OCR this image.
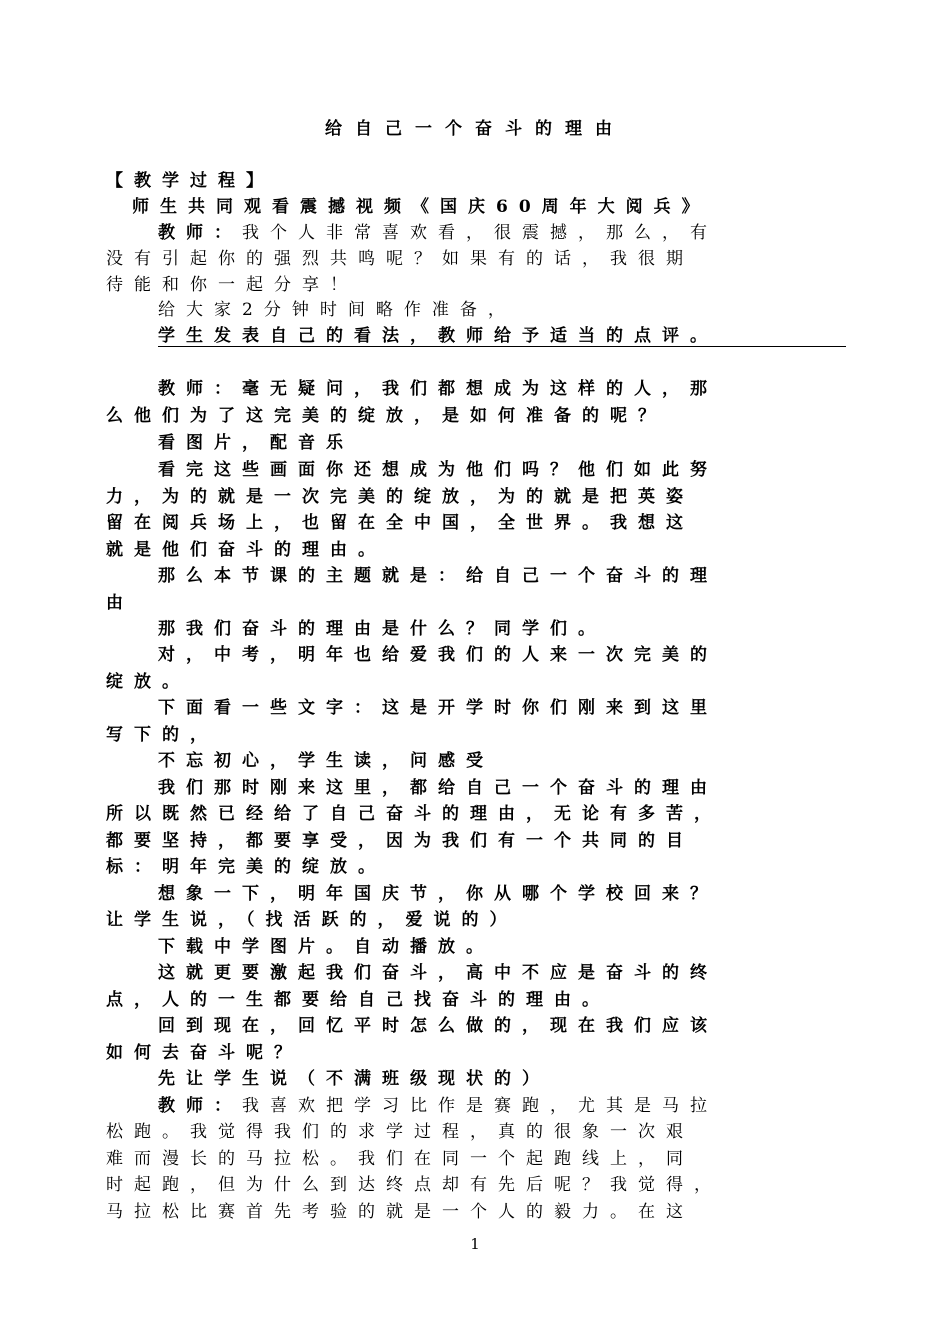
给自己一个奋斗的理由
【教学过程】
师生共同观看震撼视频《国庆60周年大阅兵》
教师：我个人非常喜欢看，很震撼，那么，有
没有引起你的强烈共鸣呢？如果有的话，我很期
待能和你一起分享！
给大家2分钟时间略作准备，
学生发表自己的看法，教师给予适当的点评。
教师：毫无疑问，我们都想成为这样的人，那
么他们为了这完美的绽放，是如何准备的呢？
看图片，配音乐
看完这些画面你还想成为他们吗？他们如此努
力，为的就是一次完美的绽放，为的就是把英姿
留在阅兵场上，也留在全中国，全世界。我想这
就是他们奋斗的理由。
那么本节课的主题就是：给自己一个奋斗的理
由
那我们奋斗的理由是什么？同学们。
对，中考，明年也给爱我们的人来一次完美的
绽放。
下面看一些文字：这是开学时你们刚来到这里
写下的，
不忘初心，学生读，问感受
我们那时刚来这里，都给自己一个奋斗的理由
所以既然已经给了自己奋斗的理由，无论有多苦，
都要坚持，都要享受，因为我们有一个共同的目
标：明年完美的绽放。
想象一下，明年国庆节，你从哪个学校回来？
让学生说，（找活跃的，爱说的）
下载中学图片。自动播放。
这就更要激起我们奋斗，高中不应是奋斗的终
点，人的一生都要给自己找奋斗的理由。
回到现在，回忆平时怎么做的，现在我们应该
如何去奋斗呢？
先让学生说（不满班级现状的）
教师：我喜欢把学习比作是赛跑，尤其是马拉
松跑。我觉得我们的求学过程，真的很象一次艰
难而漫长的马拉松。我们在同一个起跑线上，同
时起跑，但为什么到达终点却有先后呢？我觉得，
马拉松比赛首先考验的就是一个人的毅力。在这
1
